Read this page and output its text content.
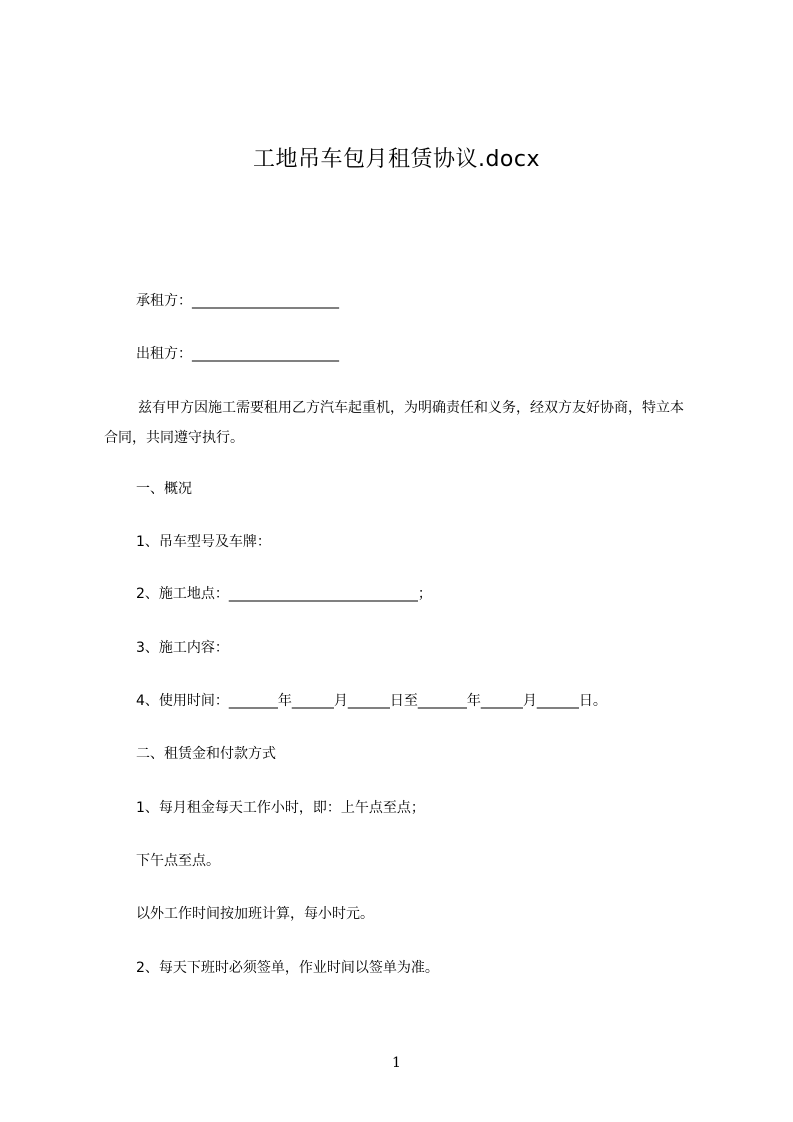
工地吊车包月租赁协议.docx
承租方：_____________________
出租方：_____________________
兹有甲方因施工需要租用乙方汽车起重机，为明确责任和义务，经双方友好协商，特立本合同，共同遵守执行。
一、概况
1、吊车型号及车牌：
2、施工地点：___________________________；
3、施工内容：
4、使用时间：_______年______月______日至_______年______月______日。
二、租赁金和付款方式
1、每月租金每天工作小时，即：上午点至点；
下午点至点。
以外工作时间按加班计算，每小时元。
2、每天下班时必须签单，作业时间以签单为准。
1
